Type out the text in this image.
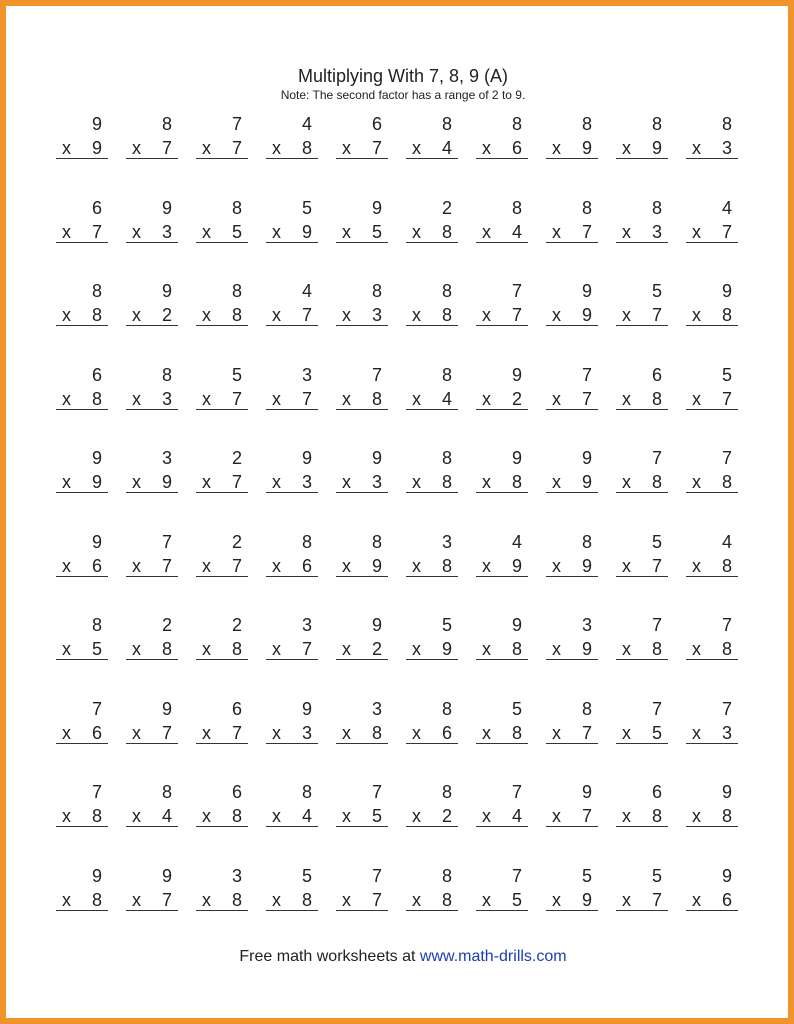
Multiplying With 7, 8, 9 (A)
Note: The second factor has a range of 2 to 9.
9
x 9
8
x 7
7
x 7
4
x 8
6
x 7
8
x 4
8
x 6
8
x 9
8
x 9
8
x 3
6
x 7
9
x 3
8
x 5
5
x 9
9
x 5
2
x 8
8
x 4
8
x 7
8
x 3
4
x 7
8
x 8
9
x 2
8
x 8
4
x 7
8
x 3
8
x 8
7
x 7
9
x 9
5
x 7
9
x 8
6
x 8
8
x 3
5
x 7
3
x 7
7
x 8
8
x 4
9
x 2
7
x 7
6
x 8
5
x 7
9
x 9
3
x 9
2
x 7
9
x 3
9
x 3
8
x 8
9
x 8
9
x 9
7
x 8
7
x 8
9
x 6
7
x 7
2
x 7
8
x 6
8
x 9
3
x 8
4
x 9
8
x 9
5
x 7
4
x 8
8
x 5
2
x 8
2
x 8
3
x 7
9
x 2
5
x 9
9
x 8
3
x 9
7
x 8
7
x 8
7
x 6
9
x 7
6
x 7
9
x 3
3
x 8
8
x 6
5
x 8
8
x 7
7
x 5
7
x 3
7
x 8
8
x 4
6
x 8
8
x 4
7
x 5
8
x 2
7
x 4
9
x 7
6
x 8
9
x 8
9
x 8
9
x 7
3
x 8
5
x 8
7
x 7
8
x 8
7
x 5
5
x 9
5
x 7
9
x 6
Free math worksheets at www.math-drills.com
